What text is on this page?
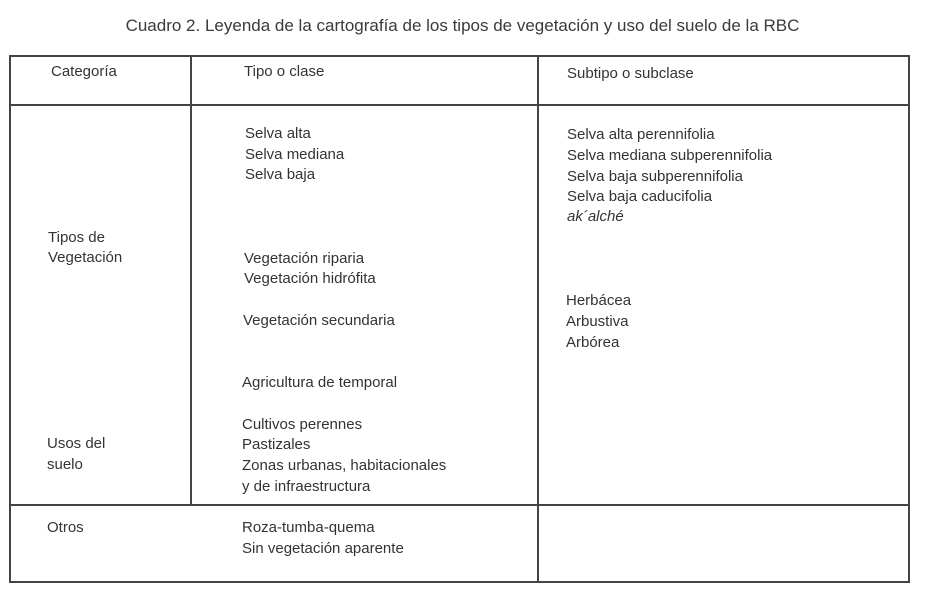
Cuadro 2. Leyenda de la cartografía de los tipos de vegetación y uso del suelo de la RBC
Categoría	Tipo o clase	Subtipo o subclase
Tipos de
Vegetación
Usos del
suelo
Otros
Selva alta
Selva mediana
Selva baja
Vegetación riparia
Vegetación hidrófita
Vegetación secundaria
Agricultura de temporal
Cultivos perennes
Pastizales
Zonas urbanas, habitacionales
y de infraestructura
Roza-tumba-quema
Sin vegetación aparente
Selva alta perennifolia
Selva mediana subperennifolia
Selva baja subperennifolia
Selva baja caducifolia
ak´alché
Herbácea
Arbustiva
Arbórea
